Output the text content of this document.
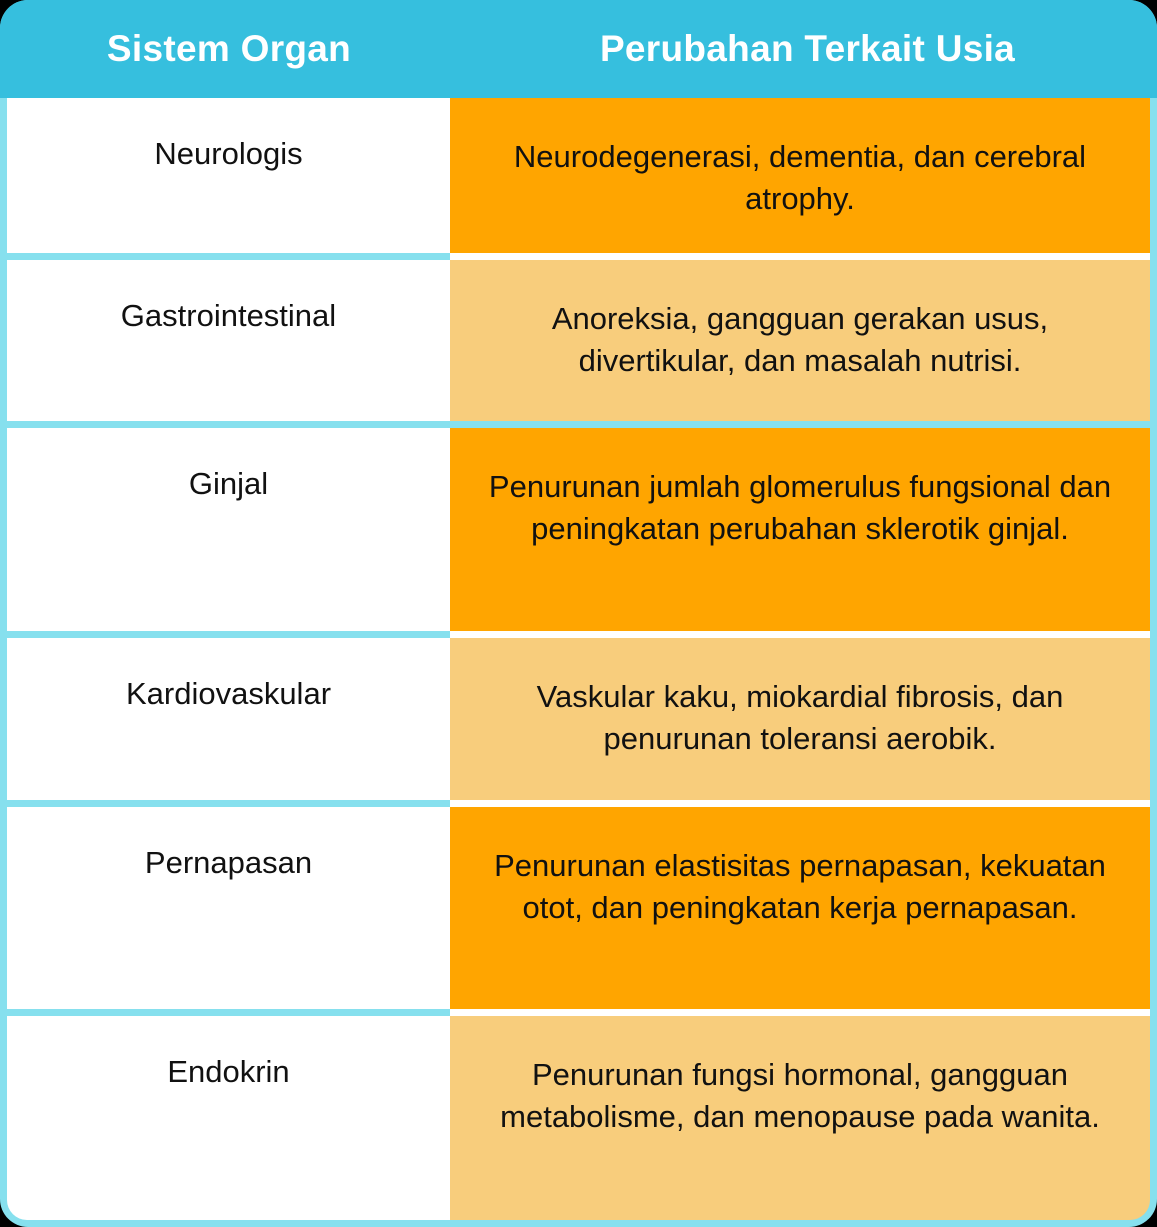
Sistem Organ	Perubahan Terkait Usia
Neurologis	Neurodegenerasi, dementia, dan cerebral atrophy.
Gastrointestinal	Anoreksia, gangguan gerakan usus, divertikular, dan masalah nutrisi.
Ginjal	Penurunan jumlah glomerulus fungsional dan peningkatan perubahan sklerotik ginjal.
Kardiovaskular	Vaskular kaku, miokardial fibrosis, dan penurunan toleransi aerobik.
Pernapasan	Penurunan elastisitas pernapasan, kekuatan otot, dan peningkatan kerja pernapasan.
Endokrin	Penurunan fungsi hormonal, gangguan metabolisme, dan menopause pada wanita.
